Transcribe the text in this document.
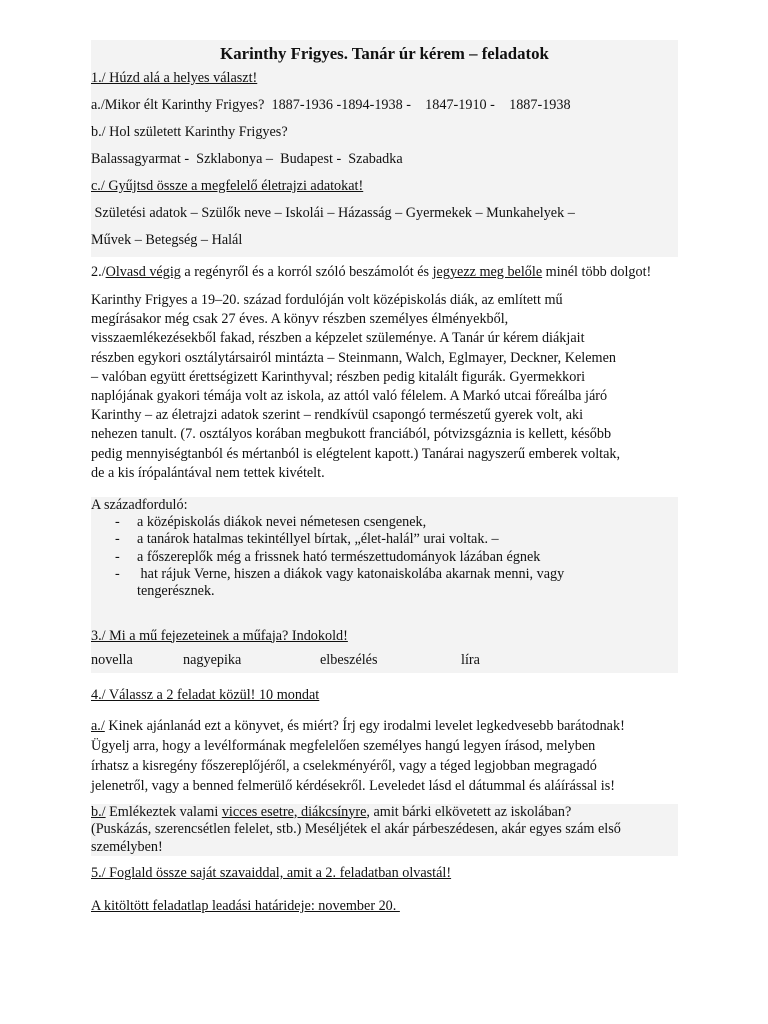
Karinthy Frigyes. Tanár úr kérem – feladatok
1./ Húzd alá a helyes választ!
a./Mikor élt Karinthy Frigyes? 1887-1936 -1894-1938 - 1847-1910 - 1887-1938
b./ Hol született Karinthy Frigyes?
Balassagyarmat -  Szklabonya –  Budapest -  Szabadka
c./ Gyűjtsd össze a megfelelő életrajzi adatokat!
Születési adatok – Szülők neve – Iskolái – Házasság – Gyermekek – Munkahelyek –
Művek – Betegség – Halál
2./Olvasd végig a regényről és a korról szóló beszámolót és jegyezz meg belőle minél több dolgot!
Karinthy Frigyes a 19–20. század fordulóján volt középiskolás diák, az említett mű
megírásakor még csak 27 éves. A könyv részben személyes élményekből,
visszaemlékezésekből fakad, részben a képzelet szüleménye. A Tanár úr kérem diákjait
részben egykori osztálytársairól mintázta – Steinmann, Walch, Eglmayer, Deckner, Kelemen
– valóban együtt érettségizett Karinthyval; részben pedig kitalált figurák. Gyermekkori
naplójának gyakori témája volt az iskola, az attól való félelem. A Markó utcai főreálba járó
Karinthy – az életrajzi adatok szerint – rendkívül csapongó természetű gyerek volt, aki
nehezen tanult. (7. osztályos korában megbukott franciából, pótvizsgáznia is kellett, később
pedig mennyiségtanból és mértanból is elégtelent kapott.) Tanárai nagyszerű emberek voltak,
de a kis írópalántával nem tettek kivételt.
A századforduló:
- a középiskolás diákok nevei németesen csengenek,
- a tanárok hatalmas tekintéllyel bírtak, „élet-halál” urai voltak. –
- a főszereplők még a frissnek ható természettudományok lázában égnek
- hat rájuk Verne, hiszen a diákok vagy katonaiskolába akarnak menni, vagy
tengerésznek.
3./ Mi a mű fejezeteinek a műfaja? Indokold!
novella	nagyepika	elbeszélés	líra
4./ Válassz a 2 feladat közül! 10 mondat
a./ Kinek ajánlanád ezt a könyvet, és miért? Írj egy irodalmi levelet legkedvesebb barátodnak!
Ügyelj arra, hogy a levélformának megfelelően személyes hangú legyen írásod, melyben
írhatsz a kisregény főszereplőjéről, a cselekményéről, vagy a téged legjobban megragadó
jelenetről, vagy a benned felmerülő kérdésekről. Leveledet lásd el dátummal és aláírással is!
b./ Emlékeztek valami vicces esetre, diákcsínyre, amit bárki elkövetett az iskolában?
(Puskázás, szerencsétlen felelet, stb.) Meséljétek el akár párbeszédesen, akár egyes szám első
személyben!
5./ Foglald össze saját szavaiddal, amit a 2. feladatban olvastál!
A kitöltött feladatlap leadási határideje: november 20.
